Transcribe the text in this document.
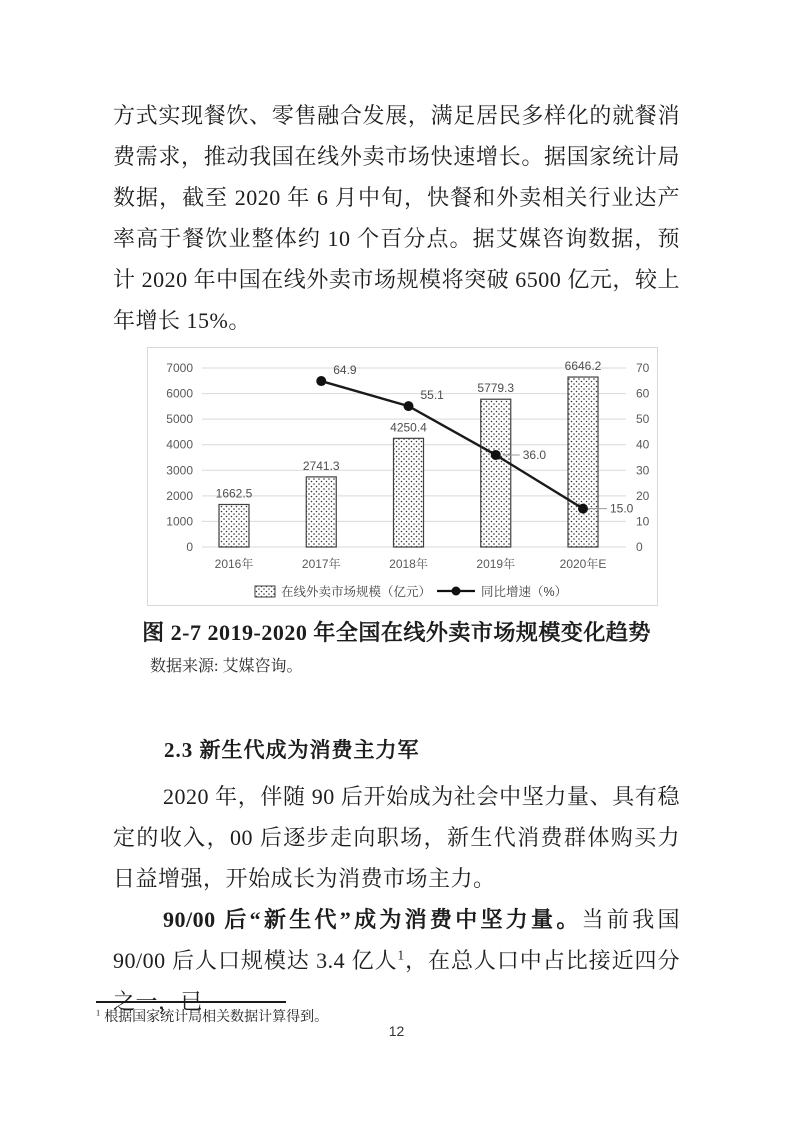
方式实现餐饮、零售融合发展，满足居民多样化的就餐消费需求，推动我国在线外卖市场快速增长。据国家统计局数据，截至 2020 年 6 月中旬，快餐和外卖相关行业达产率高于餐饮业整体约 10 个百分点。据艾媒咨询数据，预计 2020 年中国在线外卖市场规模将突破 6500 亿元，较上年增长 15%。

0
1000
2000
3000
4000
5000
6000
7000
0
10
20
30
40
50
60
70
1662.5
2741.3
4250.4
5779.3
6646.2
2016年	2017年	2018年	2019年	2020年E
64.9
55.1
36.0
15.0
在线外卖市场规模（亿元）	同比增速（%）

图 2-7 2019-2020 年全国在线外卖市场规模变化趋势

数据来源: 艾媒咨询。

2.3 新生代成为消费主力军

2020 年，伴随 90 后开始成为社会中坚力量、具有稳定的收入，00 后逐步走向职场，新生代消费群体购买力日益增强，开始成长为消费市场主力。

90/00 后“新生代”成为消费中坚力量。当前我国 90/00 后人口规模达 3.4 亿人$^1$，在总人口中占比接近四分之一，已

$^1$ 根据国家统计局相关数据计算得到。

12
